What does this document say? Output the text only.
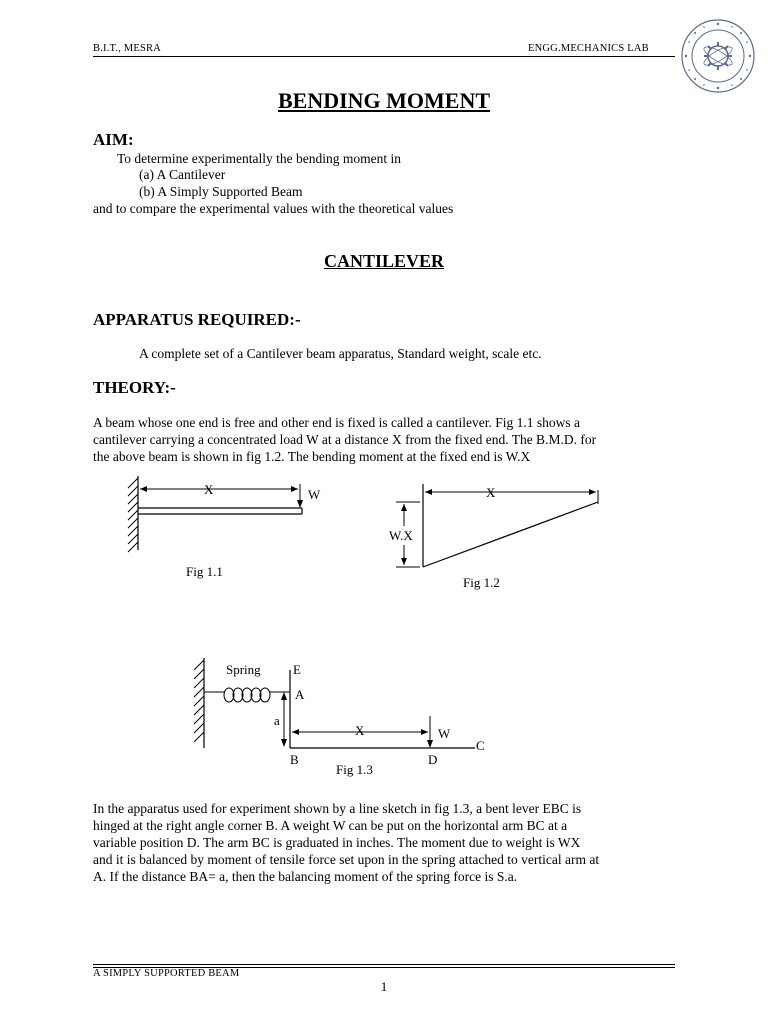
B.I.T., MESRA	ENGG.MECHANICS LAB
BENDING MOMENT
AIM:
To determine experimentally the bending moment in
(a) A Cantilever
(b) A Simply Supported Beam
and to compare the experimental values with the theoretical values
CANTILEVER
APPARATUS REQUIRED:-
A complete set of a Cantilever beam apparatus, Standard weight, scale etc.
THEORY:-
A beam whose one end is free and other end is fixed is called a cantilever. Fig 1.1 shows a
cantilever carrying a concentrated load W at a distance X from the fixed end. The B.M.D. for
the above beam is shown in fig 1.2. The bending moment at the fixed end is W.X
X	W
Fig 1.1
X
W.X
Fig 1.2
Spring E
A
a
X	W
C
B	D
Fig 1.3
In the apparatus used for experiment shown by a line sketch in fig 1.3, a bent lever EBC is
hinged at the right angle corner B. A weight W can be put on the horizontal arm BC at a
variable position D. The arm BC is graduated in inches. The moment due to weight is WX
and it is balanced by moment of tensile force set upon in the spring attached to vertical arm at
A. If the distance BA= a, then the balancing moment of the spring force is S.a.
A SIMPLY SUPPORTED BEAM
1
